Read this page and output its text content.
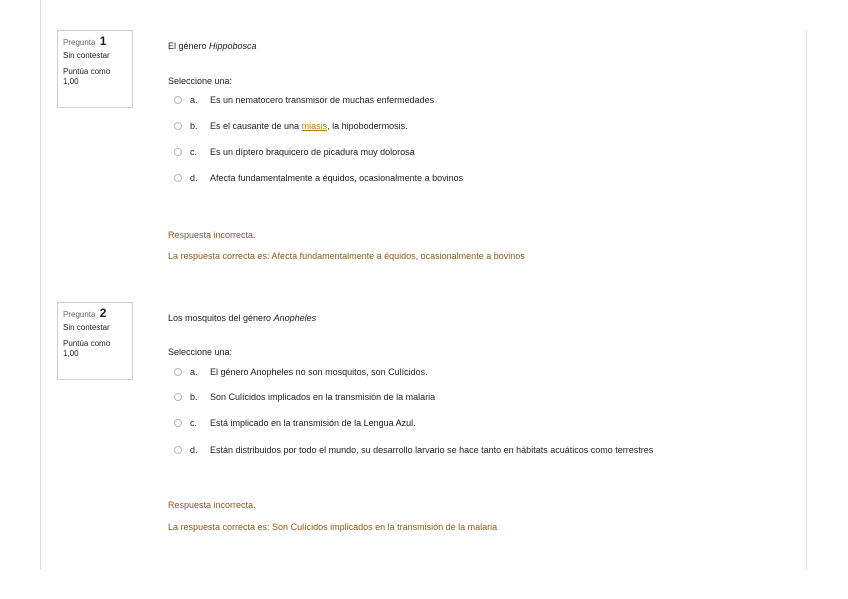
Pregunta 1
Sin contestar
Puntúa como
1,00
El género Hippobosca
Seleccione una:
a.	Es un nematocero transmisor de muchas enfermedades
b.	Es el causante de una miasis , la hipobodermosis.
c.	Es un díptero braquicero de picadura muy dolorosa
d.	Afecta fundamentalmente a équidos, ocasionalmente a bovinos
Respuesta incorrecta.
La respuesta correcta es: Afecta fundamentalmente a équidos, ocasionalmente a bovinos
Pregunta 2
Sin contestar
Puntúa como
1,00
Los mosquitos del género Anopheles
Seleccione una:
a.	El género Anopheles no son mosquitos, son Culícidos.
b.	Son Culícidos implicados en la transmisión de la malaria
c.	Está implicado en la transmisión de la Lengua Azul.
d.	Están distribuidos por todo el mundo, su desarrollo larvario se hace tanto en hábitats acuáticos como terrestres
Respuesta incorrecta.
La respuesta correcta es: Son Culícidos implicados en la transmisión de la malaria
